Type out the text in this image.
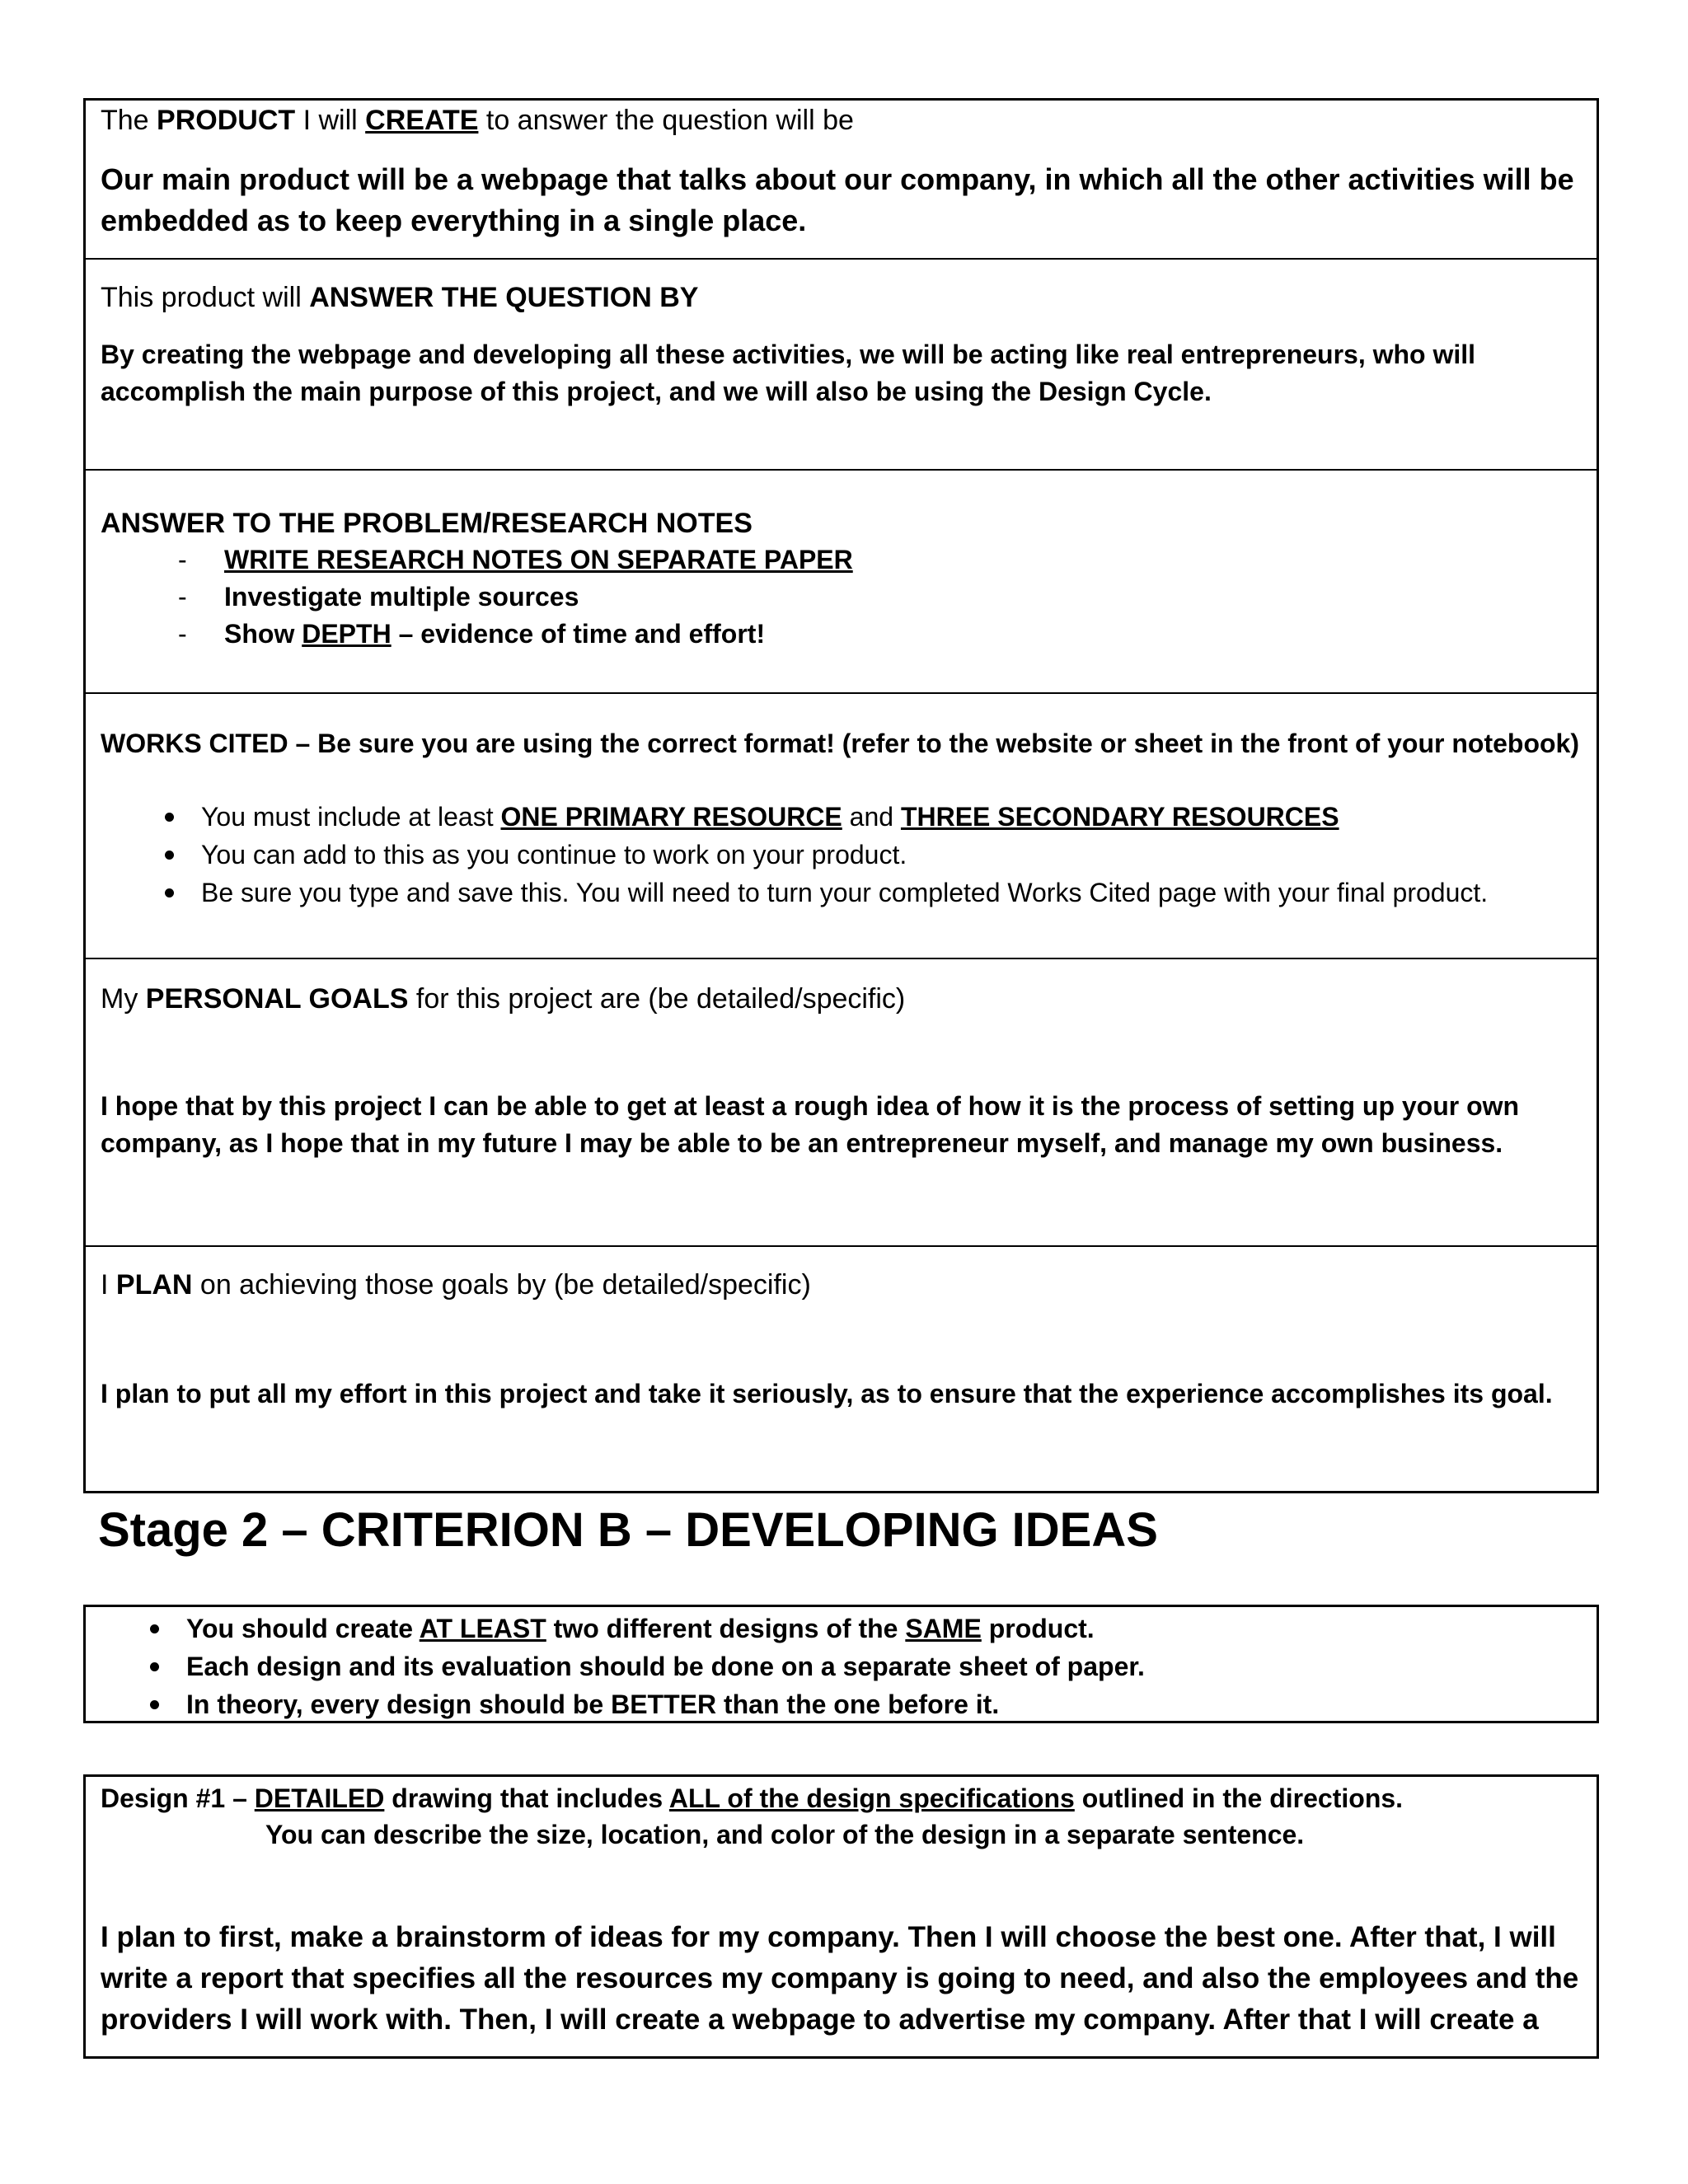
The PRODUCT I will CREATE to answer the question will be
Our main product will be a webpage that talks about our company, in which all the other activities will be embedded as to keep everything in a single place.
This product will ANSWER THE QUESTION BY
By creating the webpage and developing all these activities, we will be acting like real entrepreneurs, who will accomplish the main purpose of this project, and we will also be using the Design Cycle.
ANSWER TO THE PROBLEM/RESEARCH NOTES
- WRITE RESEARCH NOTES ON SEPARATE PAPER
- Investigate multiple sources
- Show DEPTH – evidence of time and effort!
WORKS CITED – Be sure you are using the correct format! (refer to the website or sheet in the front of your notebook)
You must include at least ONE PRIMARY RESOURCE and THREE SECONDARY RESOURCES
You can add to this as you continue to work on your product.
Be sure you type and save this. You will need to turn your completed Works Cited page with your final product.
My PERSONAL GOALS for this project are (be detailed/specific)
I hope that by this project I can be able to get at least a rough idea of how it is the process of setting up your own company, as I hope that in my future I may be able to be an entrepreneur myself, and manage my own business.
I PLAN on achieving those goals by (be detailed/specific)
I plan to put all my effort in this project and take it seriously, as to ensure that the experience accomplishes its goal.
Stage 2 – CRITERION B – DEVELOPING IDEAS
You should create AT LEAST two different designs of the SAME product.
Each design and its evaluation should be done on a separate sheet of paper.
In theory, every design should be BETTER than the one before it.
Design #1 – DETAILED drawing that includes ALL of the design specifications outlined in the directions.
You can describe the size, location, and color of the design in a separate sentence.
I plan to first, make a brainstorm of ideas for my company. Then I will choose the best one. After that, I will write a report that specifies all the resources my company is going to need, and also the employees and the providers I will work with. Then, I will create a webpage to advertise my company. After that I will create a
